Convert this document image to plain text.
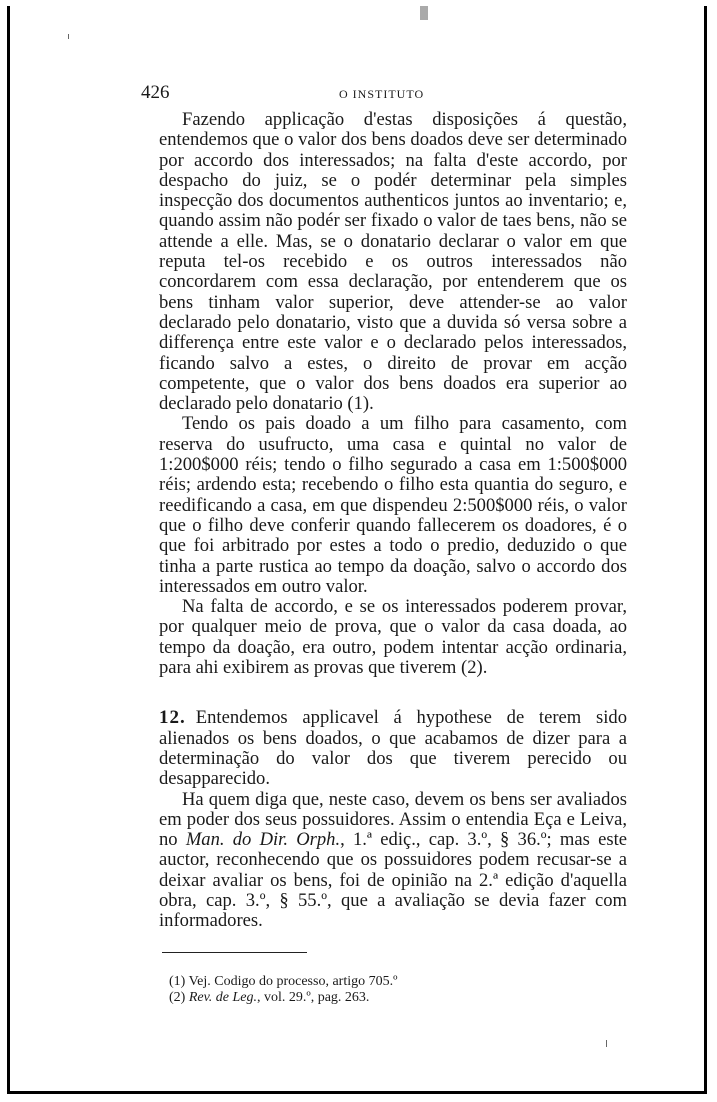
426	O INSTITUTO

Fazendo applicação d'estas disposições á questão, entendemos que o valor dos bens doados deve ser determinado por accordo dos interessados; na falta d'este accordo, por despacho do juiz, se o podér determinar pela simples inspecção dos documentos authenticos juntos ao inventario; e, quando assim não podér ser fixado o valor de taes bens, não se attende a elle. Mas, se o donatario declarar o valor em que reputa tel-os recebido e os outros interessados não concordarem com essa declaração, por entenderem que os bens tinham valor superior, deve attender-se ao valor declarado pelo donatario, visto que a duvida só versa sobre a differença entre este valor e o declarado pelos interessados, ficando salvo a estes, o direito de provar em acção competente, que o valor dos bens doados era superior ao declarado pelo donatario (1).

Tendo os pais doado a um filho para casamento, com reserva do usufructo, uma casa e quintal no valor de 1:200$000 réis; tendo o filho segurado a casa em 1:500$000 réis; ardendo esta; recebendo o filho esta quantia do seguro, e reedificando a casa, em que dispendeu 2:500$000 réis, o valor que o filho deve conferir quando fallecerem os doadores, é o que foi arbitrado por estes a todo o predio, deduzido o que tinha a parte rustica ao tempo da doação, salvo o accordo dos interessados em outro valor.

Na falta de accordo, e se os interessados poderem provar, por qualquer meio de prova, que o valor da casa doada, ao tempo da doação, era outro, podem intentar acção ordinaria, para ahi exibirem as provas que tiverem (2).

12. Entendemos applicavel á hypothese de terem sido alienados os bens doados, o que acabamos de dizer para a determinação do valor dos que tiverem perecido ou desapparecido.

Ha quem diga que, neste caso, devem os bens ser avaliados em poder dos seus possuidores. Assim o entendia Eça e Leiva, no Man. do Dir. Orph., 1.ª ediç., cap. 3.º, § 36.º; mas este auctor, reconhecendo que os possuidores podem recusar-se a deixar avaliar os bens, foi de opinião na 2.ª edição d'aquella obra, cap. 3.º, § 55.º, que a avaliação se devia fazer com informadores.

(1) Vej. Codigo do processo, artigo 705.º

(2) Rev. de Leg., vol. 29.º, pag. 263.
